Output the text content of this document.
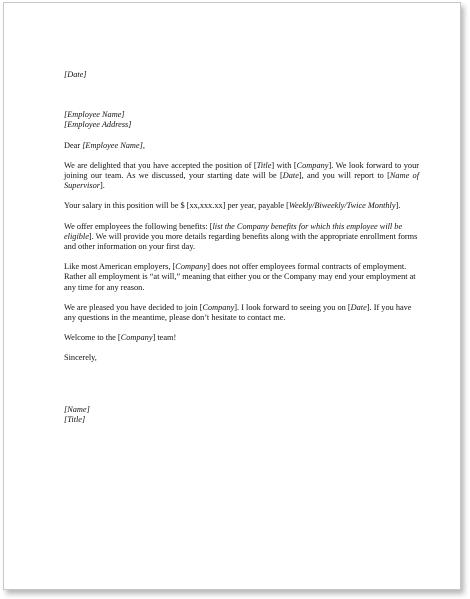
[Date]

[Employee Name]

[Employee Address]

Dear [Employee Name],

We are delighted that you have accepted the position of [Title] with [Company]. We look forward to your joining our team. As we discussed, your starting date will be [Date], and you will report to [Name of Supervisor].

Your salary in this position will be $ [xx,xxx.xx] per year, payable [Weekly/Biweekly/Twice Monthly].

We offer employees the following benefits: [list the Company benefits for which this employee will be eligible]. We will provide you more details regarding benefits along with the appropriate enrollment forms and other information on your first day.

Like most American employers, [Company] does not offer employees formal contracts of employment. Rather all employment is “at will,” meaning that either you or the Company may end your employment at any time for any reason.

We are pleased you have decided to join [Company]. I look forward to seeing you on [Date]. If you have any questions in the meantime, please don’t hesitate to contact me.

Welcome to the [Company] team!

Sincerely,

[Name]

[Title]
